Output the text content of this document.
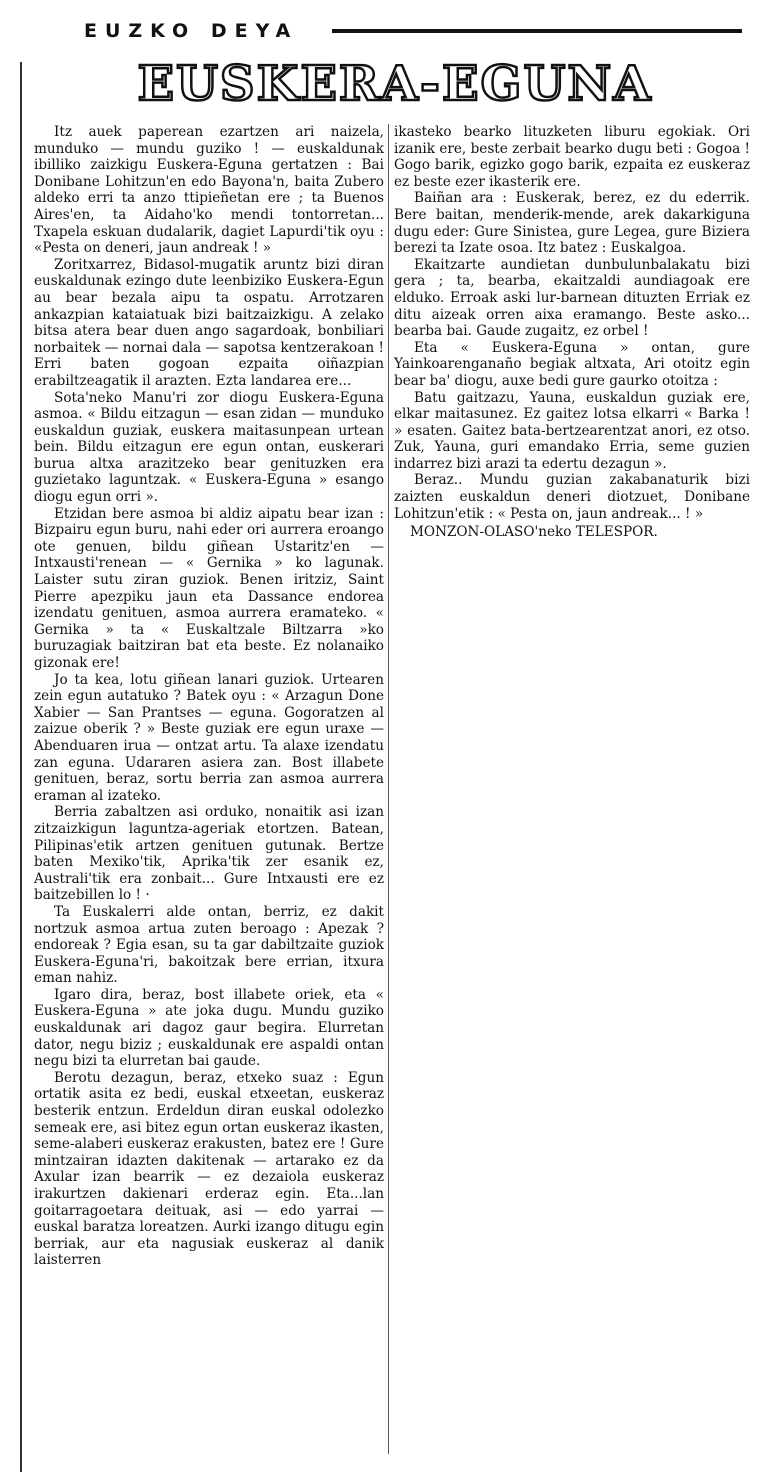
EUZKO DEYA
EUSKERA-EGUNA

Itz auek paperean ezartzen ari naizela, munduko — mundu guziko ! — euskaldunak ibilliko zaizkigu Euskera-Eguna gertatzen : Bai Donibane Lohitzun'en edo Bayona'n, baita Zubero aldeko erri ta anzo ttipieñetan ere ; ta Buenos Aires'en, ta Aidaho'ko mendi tontorretan... Txapela eskuan dudalarik, dagiet Lapurdi'tik oyu : «Pesta on deneri, jaun andreak ! »

Zoritxarrez, Bidasol-mugatik aruntz bizi diran euskaldunak ezingo dute leenbiziko Euskera-Egun au bear bezala aipu ta ospatu. Arrotzaren ankazpian kataiatuak bizi baitzaizkigu. A zelako bitsa atera bear duen ango sagardoak, bonbiliari norbaitek — nornai dala — sapotsa kentzerakoan ! Erri baten gogoan ezpaita oiñazpian erabiltzeagatik il arazten. Ezta landarea ere...

Sota'neko Manu'ri zor diogu Euskera-Eguna asmoa. « Bildu eitzagun — esan zidan — munduko euskaldun guziak, euskera maitasunpean urtean bein. Bildu eitzagun ere egun ontan, euskerari burua altxa arazitzeko bear genituzken era guzietako laguntzak. « Euskera-Eguna » esango diogu egun orri ».

Etzidan bere asmoa bi aldiz aipatu bear izan : Bizpairu egun buru, nahi eder ori aurrera eroango ote genuen, bildu giñean Ustaritz'en — Intxausti'renean — « Gernika » ko lagunak. Laister sutu ziran guziok. Benen iritziz, Saint Pierre apezpiku jaun eta Dassance endorea izendatu genituen, asmoa aurrera eramateko. « Gernika » ta « Euskaltzale Biltzarra »ko buruzagiak baitziran bat eta beste. Ez nolanaiko gizonak ere!

Jo ta kea, lotu giñean lanari guziok. Urtearen zein egun autatuko ? Batek oyu : « Arzagun Done Xabier — San Prantses — eguna. Gogoratzen al zaizue oberik ? » Beste guziak ere egun uraxe — Abenduaren irua — ontzat artu. Ta alaxe izendatu zan eguna. Udararen asiera zan. Bost illabete genituen, beraz, sortu berria zan asmoa aurrera eraman al izateko.

Berria zabaltzen asi orduko, nonaitik asi izan zitzaizkigun laguntza-ageriak etortzen. Batean, Pilipinas'etik artzen genituen gutunak. Bertze baten Mexiko'tik, Aprika'tik zer esanik ez, Australi'tik era zonbait... Gure Intxausti ere ez baitzebillen lo ! ·

Ta Euskalerri alde ontan, berriz, ez dakit nortzuk asmoa artua zuten beroago : Apezak ? endoreak ? Egia esan, su ta gar dabiltzaite guziok Euskera-Eguna'ri, bakoitzak bere errian, itxura eman nahiz.

Igaro dira, beraz, bost illabete oriek, eta « Euskera-Eguna » ate joka dugu. Mundu guziko euskaldunak ari dagoz gaur begira. Elurretan dator, negu biziz ; euskaldunak ere aspaldi ontan negu bizi ta elurretan bai gaude.

Berotu dezagun, beraz, etxeko suaz : Egun ortatik asita ez bedi, euskal etxeetan, euskeraz besterik entzun. Erdeldun diran euskal odolezko semeak ere, asi bitez egun ortan euskeraz ikasten, seme-alaberi euskeraz erakusten, batez ere ! Gure mintzairan idazten dakitenak — artarako ez da Axular izan bearrik — ez dezaiola euskeraz irakurtzen dakienari erderaz egin. Eta...lan goitarragoetara deituak, asi — edo yarrai — euskal baratza loreatzen. Aurki izango ditugu egin berriak, aur eta nagusiak euskeraz al danik laisterren

ikasteko bearko lituzketen liburu egokiak. Ori izanik ere, beste zerbait bearko dugu beti : Gogoa ! Gogo barik, egizko gogo barik, ezpaita ez euskeraz ez beste ezer ikasterik ere.

Baiñan ara : Euskerak, berez, ez du ederrik. Bere baitan, menderik-mende, arek dakarkiguna dugu eder: Gure Sinistea, gure Legea, gure Biziera berezi ta Izate osoa. Itz batez : Euskalgoa.

Ekaitzarte aundietan dunbulunbalakatu bizi gera ; ta, bearba, ekaitzaldi aundiagoak ere elduko. Erroak aski lur-barnean dituzten Erriak ez ditu aizeak orren aixa eramango. Beste asko... bearba bai. Gaude zugaitz, ez orbel !

Eta « Euskera-Eguna » ontan, gure Yainkoarenganaño begiak altxata, Ari otoitz egin bear ba' diogu, auxe bedi gure gaurko otoitza :

Batu gaitzazu, Yauna, euskaldun guziak ere, elkar maitasunez. Ez gaitez lotsa elkarri « Barka ! » esaten. Gaitez bata-bertzearentzat anori, ez otso. Zuk, Yauna, guri emandako Erria, seme guzien indarrez bizi arazi ta edertu dezagun ».

Beraz.. Mundu guzian zakabanaturik bizi zaizten euskaldun deneri diotzuet, Donibane Lohitzun'etik : « Pesta on, jaun andreak... ! »

MONZON-OLASO'neko TELESPOR.
